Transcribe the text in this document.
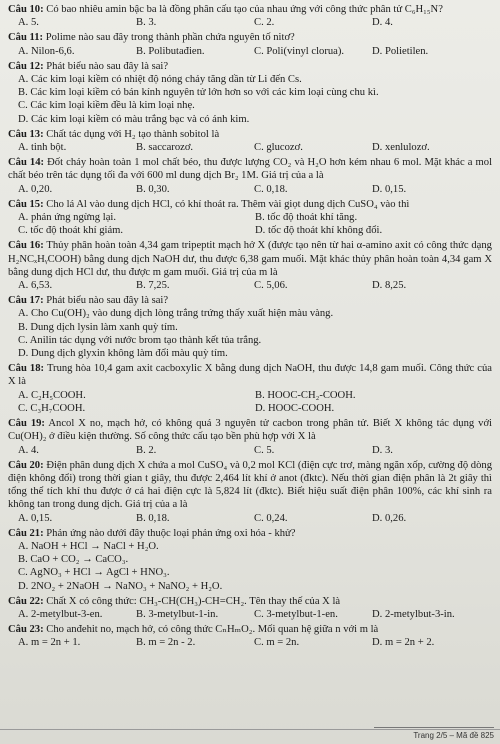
Câu 10: Có bao nhiêu amin bậc ba là đồng phân cấu tạo của nhau ứng với công thức phân tử C₆H₁₅N?
A. 5.	B. 3.	C. 2.	D. 4.
Câu 11: Polime nào sau đây trong thành phần chứa nguyên tố nitơ?
A. Nilon-6,6.	B. Polibutađien.	C. Poli(vinyl clorua).	D. Polietilen.
Câu 12: Phát biểu nào sau đây là sai?
A. Các kim loại kiềm có nhiệt độ nóng chảy tăng dần từ Li đến Cs.
B. Các kim loại kiềm có bán kính nguyên tử lớn hơn so với các kim loại cùng chu kì.
C. Các kim loại kiềm đều là kim loại nhẹ.
D. Các kim loại kiềm có màu trắng bạc và có ánh kim.
Câu 13: Chất tác dụng với H₂ tạo thành sobitol là
A. tinh bột.	B. saccarozơ.	C. glucozơ.	D. xenlulozơ.
Câu 14: Đốt cháy hoàn toàn 1 mol chất béo, thu được lượng CO₂ và H₂O hơn kém nhau 6 mol. Mặt khác a mol chất béo trên tác dụng tối đa với 600 ml dung dịch Br₂ 1M. Giá trị của a là
A. 0,20.	B. 0,30.	C. 0,18.	D. 0,15.
Câu 15: Cho lá Al vào dung dịch HCl, có khí thoát ra. Thêm vài giọt dung dịch CuSO₄ vào thì
A. phản ứng ngừng lại.	B. tốc độ thoát khí tăng.
C. tốc độ thoát khí giảm.	D. tốc độ thoát khí không đổi.
Câu 16: Thủy phân hoàn toàn 4,34 gam tripeptit mạch hở X (được tạo nên từ hai α-amino axit có công thức dạng H₂NCₓHᵧCOOH) bằng dung dịch NaOH dư, thu được 6,38 gam muối. Mặt khác thủy phân hoàn toàn 4,34 gam X bằng dung dịch HCl dư, thu được m gam muối. Giá trị của m là
A. 6,53.	B. 7,25.	C. 5,06.	D. 8,25.
Câu 17: Phát biểu nào sau đây là sai?
A. Cho Cu(OH)₂ vào dung dịch lòng trắng trứng thấy xuất hiện màu vàng.
B. Dung dịch lysin làm xanh quỳ tím.
C. Anilin tác dụng với nước brom tạo thành kết tủa trắng.
D. Dung dịch glyxin không làm đổi màu quỳ tím.
Câu 18: Trung hòa 10,4 gam axit cacboxylic X bằng dung dịch NaOH, thu được 14,8 gam muối. Công thức của X là
A. C₂H₅COOH.	B. HOOC-CH₂-COOH.
C. C₃H₇COOH.	D. HOOC-COOH.
Câu 19: Ancol X no, mạch hở, có không quá 3 nguyên tử cacbon trong phân tử. Biết X không tác dụng với Cu(OH)₂ ở điều kiện thường. Số công thức cấu tạo bền phù hợp với X là
A. 4.	B. 2.	C. 5.	D. 3.
Câu 20: Điện phân dung dịch X chứa a mol CuSO₄ và 0,2 mol KCl (điện cực trơ, màng ngăn xốp, cường độ dòng điện không đổi) trong thời gian t giây, thu được 2,464 lít khí ở anot (đktc). Nếu thời gian điện phân là 2t giây thì tổng thể tích khí thu được ở cả hai điện cực là 5,824 lít (đktc). Biết hiệu suất điện phân 100%, các khí sinh ra không tan trong dung dịch. Giá trị của a là
A. 0,15.	B. 0,18.	C. 0,24.	D. 0,26.
Câu 21: Phản ứng nào dưới đây thuộc loại phản ứng oxi hóa - khử?
A. NaOH + HCl → NaCl + H₂O.
B. CaO + CO₂ → CaCO₃.
C. AgNO₃ + HCl → AgCl + HNO₃.
D. 2NO₂ + 2NaOH → NaNO₃ + NaNO₂ + H₂O.
Câu 22: Chất X có công thức: CH₃-CH(CH₃)-CH=CH₂. Tên thay thế của X là
A. 2-metylbut-3-en.	B. 3-metylbut-1-in.	C. 3-metylbut-1-en.	D. 2-metylbut-3-in.
Câu 23: Cho anđehit no, mạch hở, có công thức CₙHₘO₂. Mối quan hệ giữa n với m là
A. m = 2n + 1.	B. m = 2n - 2.	C. m = 2n.	D. m = 2n + 2.
Trang 2/5 – Mã đề 825
